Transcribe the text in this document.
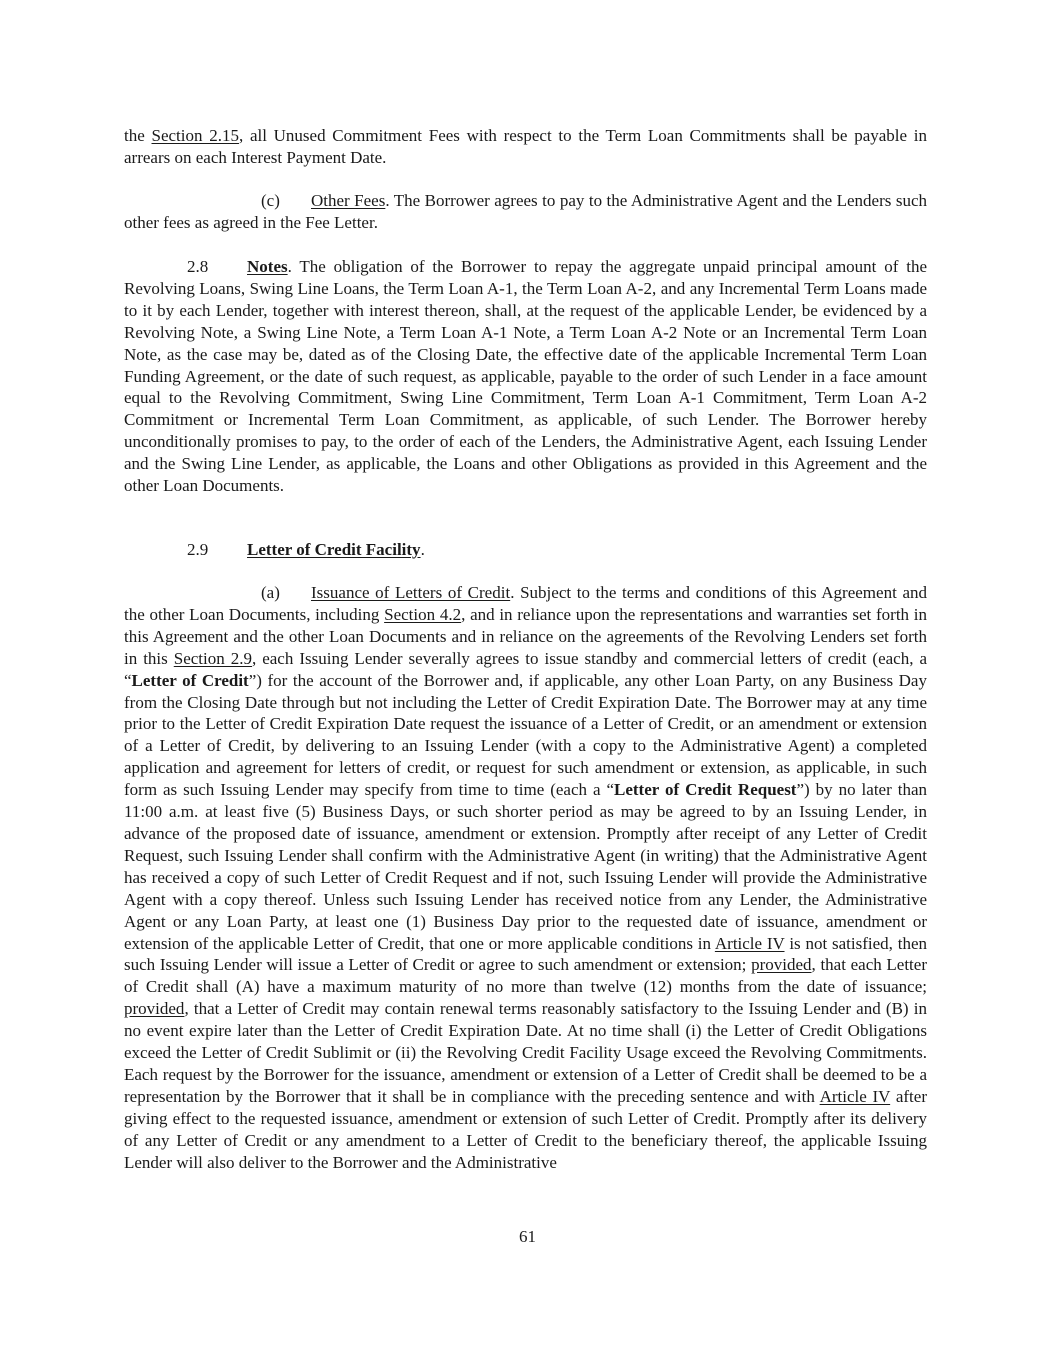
the Section 2.15, all Unused Commitment Fees with respect to the Term Loan Commitments shall be payable in arrears on each Interest Payment Date.

(c) Other Fees. The Borrower agrees to pay to the Administrative Agent and the Lenders such other fees as agreed in the Fee Letter.

2.8 Notes. The obligation of the Borrower to repay the aggregate unpaid principal amount of the Revolving Loans, Swing Line Loans, the Term Loan A-1, the Term Loan A-2, and any Incremental Term Loans made to it by each Lender, together with interest thereon, shall, at the request of the applicable Lender, be evidenced by a Revolving Note, a Swing Line Note, a Term Loan A-1 Note, a Term Loan A-2 Note or an Incremental Term Loan Note, as the case may be, dated as of the Closing Date, the effective date of the applicable Incremental Term Loan Funding Agreement, or the date of such request, as applicable, payable to the order of such Lender in a face amount equal to the Revolving Commitment, Swing Line Commitment, Term Loan A-1 Commitment, Term Loan A-2 Commitment or Incremental Term Loan Commitment, as applicable, of such Lender. The Borrower hereby unconditionally promises to pay, to the order of each of the Lenders, the Administrative Agent, each Issuing Lender and the Swing Line Lender, as applicable, the Loans and other Obligations as provided in this Agreement and the other Loan Documents.

2.9 Letter of Credit Facility.

(a) Issuance of Letters of Credit. Subject to the terms and conditions of this Agreement and the other Loan Documents, including Section 4.2, and in reliance upon the representations and warranties set forth in this Agreement and the other Loan Documents and in reliance on the agreements of the Revolving Lenders set forth in this Section 2.9, each Issuing Lender severally agrees to issue standby and commercial letters of credit (each, a “Letter of Credit”) for the account of the Borrower and, if applicable, any other Loan Party, on any Business Day from the Closing Date through but not including the Letter of Credit Expiration Date. The Borrower may at any time prior to the Letter of Credit Expiration Date request the issuance of a Letter of Credit, or an amendment or extension of a Letter of Credit, by delivering to an Issuing Lender (with a copy to the Administrative Agent) a completed application and agreement for letters of credit, or request for such amendment or extension, as applicable, in such form as such Issuing Lender may specify from time to time (each a “Letter of Credit Request”) by no later than 11:00 a.m. at least five (5) Business Days, or such shorter period as may be agreed to by an Issuing Lender, in advance of the proposed date of issuance, amendment or extension. Promptly after receipt of any Letter of Credit Request, such Issuing Lender shall confirm with the Administrative Agent (in writing) that the Administrative Agent has received a copy of such Letter of Credit Request and if not, such Issuing Lender will provide the Administrative Agent with a copy thereof. Unless such Issuing Lender has received notice from any Lender, the Administrative Agent or any Loan Party, at least one (1) Business Day prior to the requested date of issuance, amendment or extension of the applicable Letter of Credit, that one or more applicable conditions in Article IV is not satisfied, then such Issuing Lender will issue a Letter of Credit or agree to such amendment or extension; provided, that each Letter of Credit shall (A) have a maximum maturity of no more than twelve (12) months from the date of issuance; provided, that a Letter of Credit may contain renewal terms reasonably satisfactory to the Issuing Lender and (B) in no event expire later than the Letter of Credit Expiration Date. At no time shall (i) the Letter of Credit Obligations exceed the Letter of Credit Sublimit or (ii) the Revolving Credit Facility Usage exceed the Revolving Commitments. Each request by the Borrower for the issuance, amendment or extension of a Letter of Credit shall be deemed to be a representation by the Borrower that it shall be in compliance with the preceding sentence and with Article IV after giving effect to the requested issuance, amendment or extension of such Letter of Credit. Promptly after its delivery of any Letter of Credit or any amendment to a Letter of Credit to the beneficiary thereof, the applicable Issuing Lender will also deliver to the Borrower and the Administrative

61
